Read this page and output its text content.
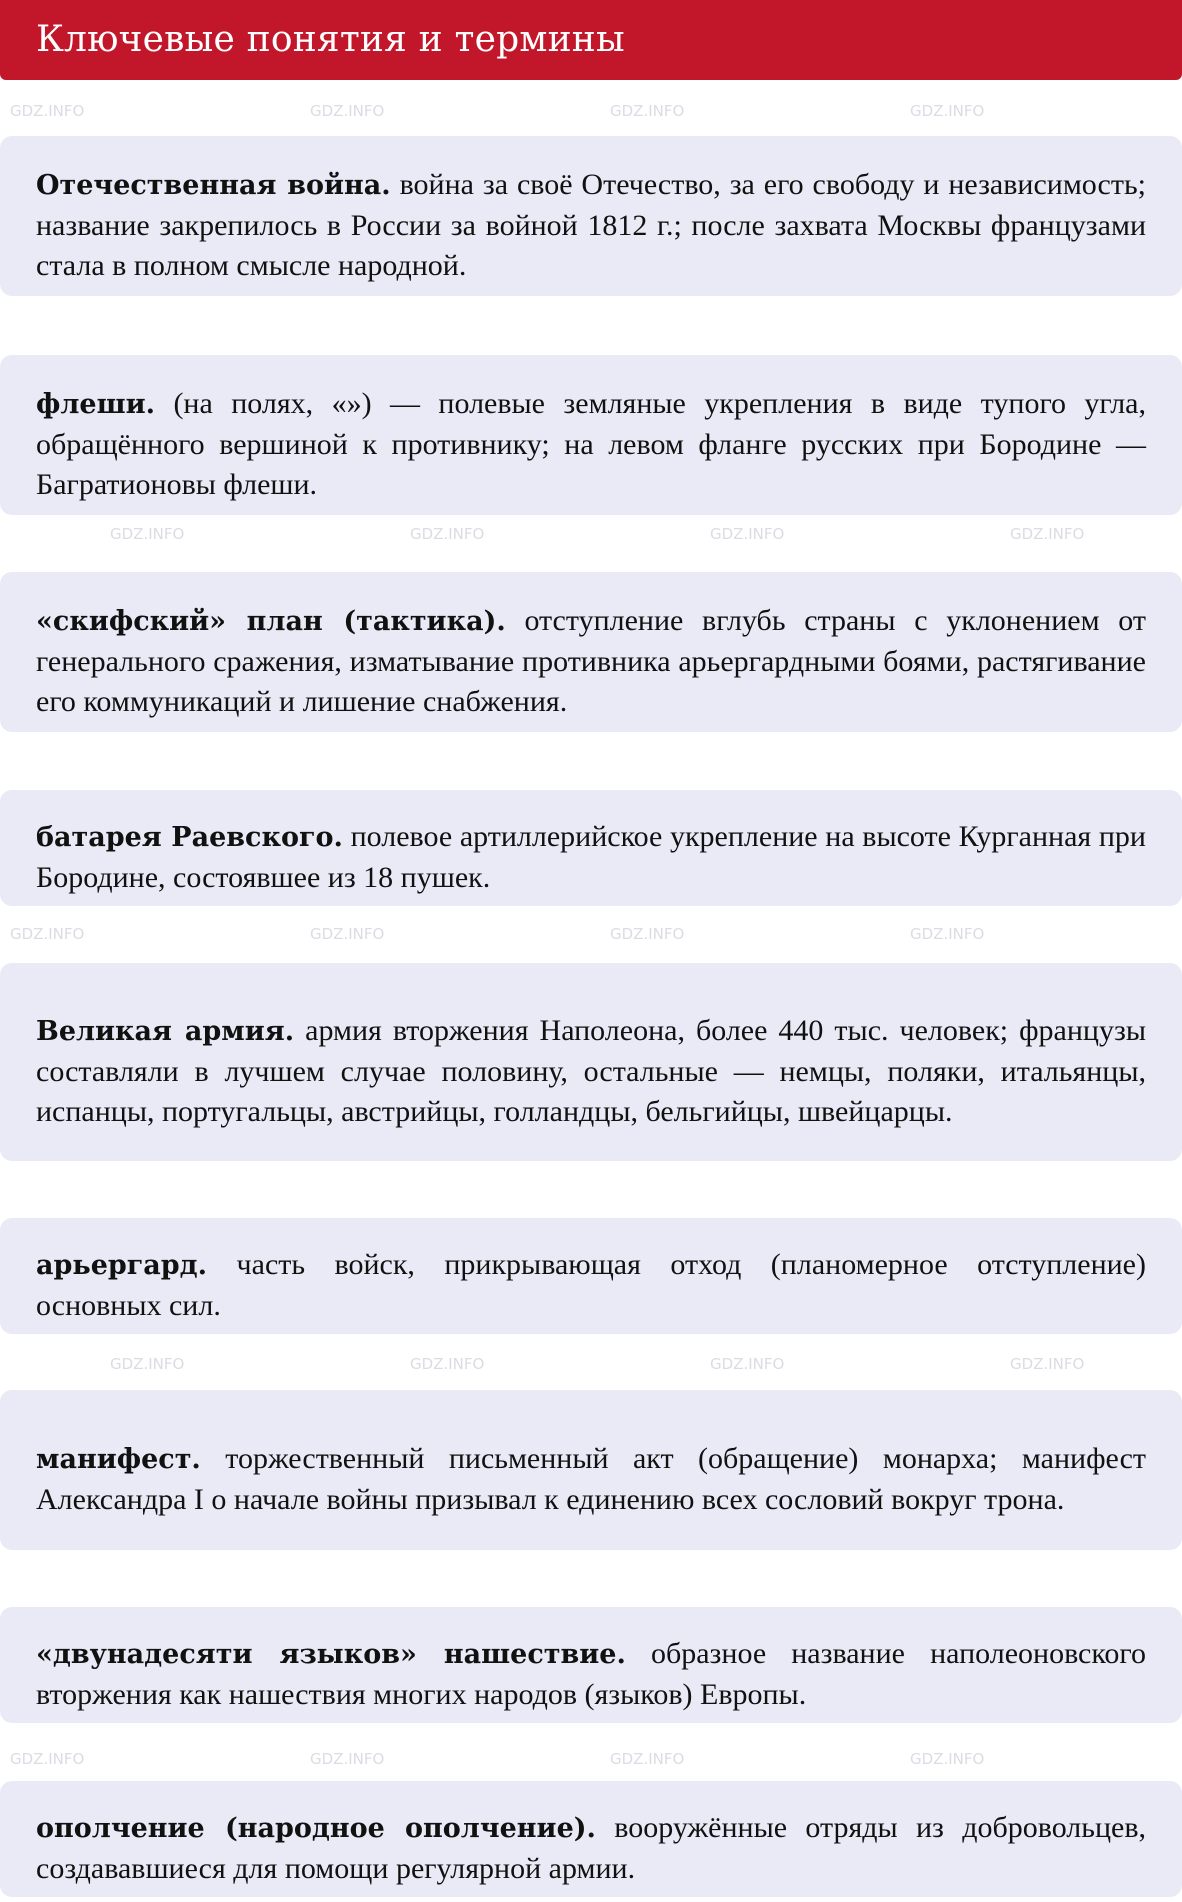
Ключевые понятия и термины

Отечественная война. война за своё Отечество, за его свободу и независимость; название закрепилось в России за войной 1812 г.; после захвата Москвы французами стала в полном смысле народной.

флеши. (на полях, «») — полевые земляные укрепления в виде тупого угла, обращённого вершиной к противнику; на левом фланге русских при Бородине — Багратионовы флеши.

«скифский» план (тактика). отступление вглубь страны с уклонением от генерального сражения, изматывание противника арьергардными боями, растягивание его коммуникаций и лишение снабжения.

батарея Раевского. полевое артиллерийское укрепление на высоте Курганная при Бородине, состоявшее из 18 пушек.

Великая армия. армия вторжения Наполеона, более 440 тыс. человек; французы составляли в лучшем случае половину, остальные — немцы, поляки, итальянцы, испанцы, португальцы, австрийцы, голландцы, бельгийцы, швейцарцы.

арьергард. часть войск, прикрывающая отход (планомерное отступление) основных сил.

манифест. торжественный письменный акт (обращение) монарха; манифест Александра I о начале войны призывал к единению всех сословий вокруг трона.

«двунадесяти языков» нашествие. образное название наполеоновского вторжения как нашествия многих народов (языков) Европы.

ополчение (народное ополчение). вооружённые отряды из добровольцев, создававшиеся для помощи регулярной армии.

GDZ.INFO	GDZ.INFO	GDZ.INFO	GDZ.INFO
GDZ.INFO	GDZ.INFO	GDZ.INFO	GDZ.INFO
GDZ.INFO	GDZ.INFO	GDZ.INFO	GDZ.INFO
GDZ.INFO	GDZ.INFO	GDZ.INFO	GDZ.INFO
GDZ.INFO	GDZ.INFO	GDZ.INFO	GDZ.INFO
